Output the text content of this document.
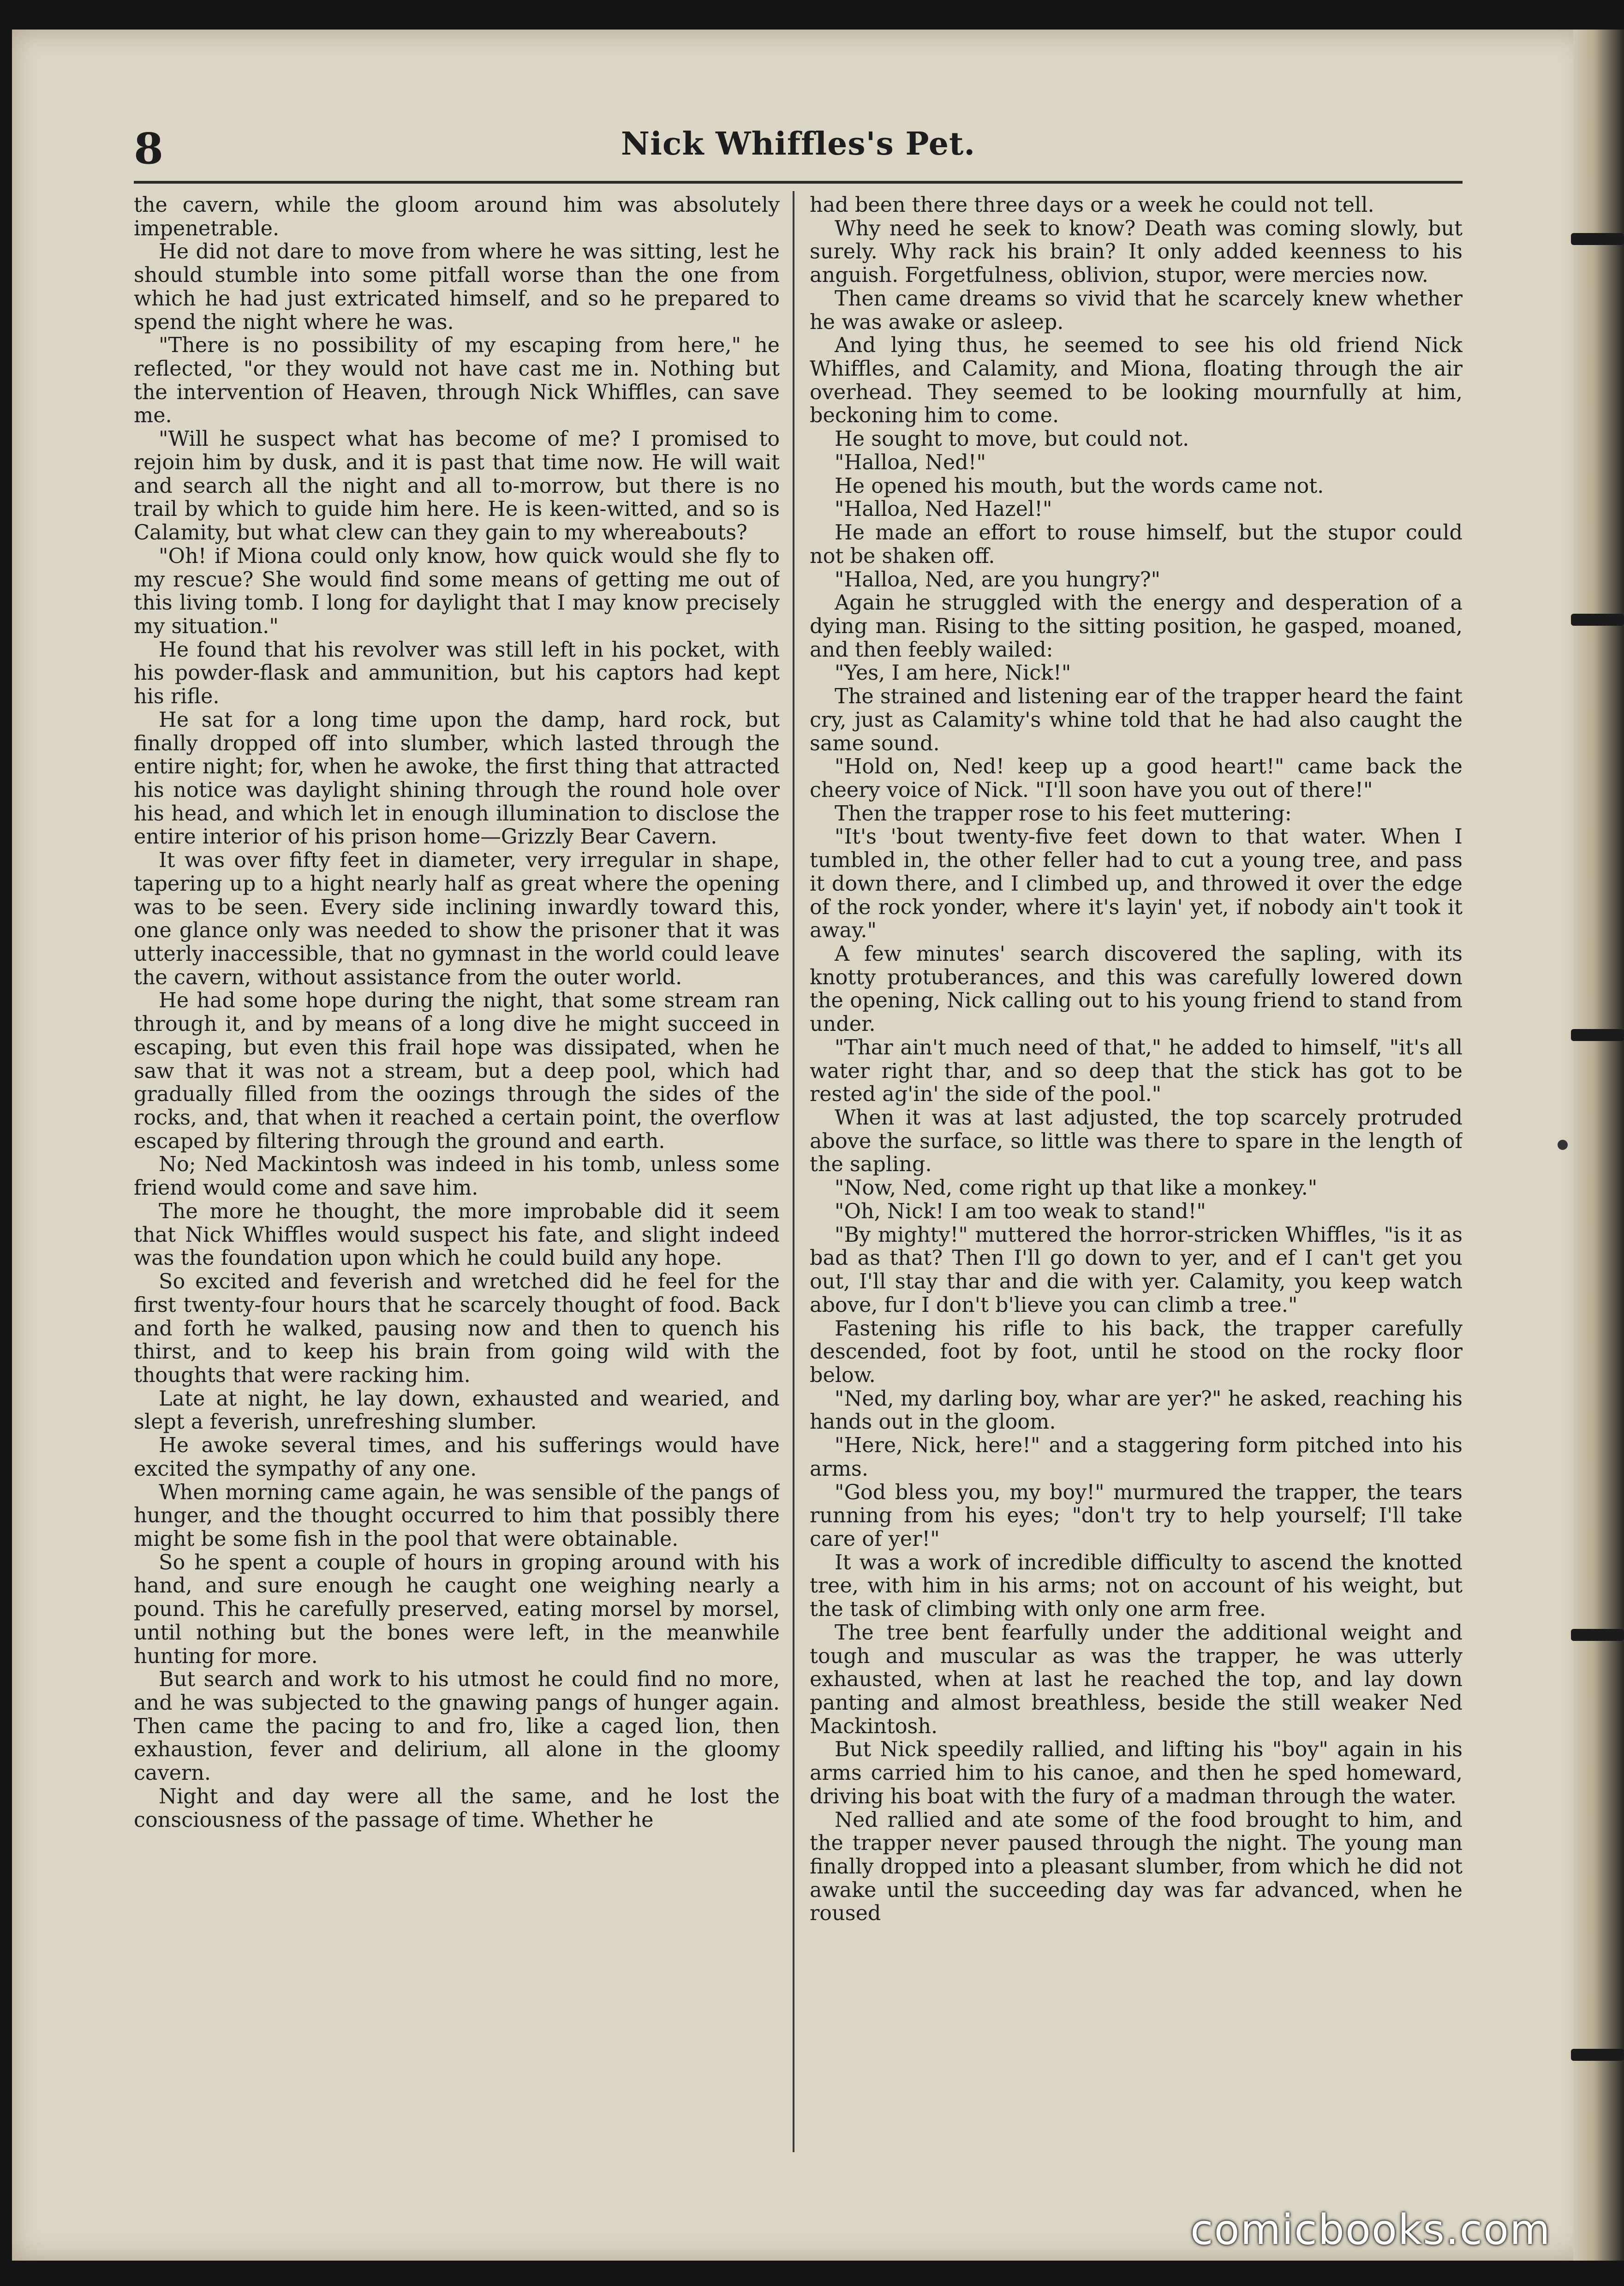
8	Nick Whiffles's Pet.

the cavern, while the gloom around him was absolutely impenetrable.

He did not dare to move from where he was sitting, lest he should stumble into some pitfall worse than the one from which he had just extricated himself, and so he prepared to spend the night where he was.

"There is no possibility of my escaping from here," he reflected, "or they would not have cast me in. Nothing but the intervention of Heaven, through Nick Whiffles, can save me.

"Will he suspect what has become of me? I promised to rejoin him by dusk, and it is past that time now. He will wait and search all the night and all to-morrow, but there is no trail by which to guide him here. He is keen-witted, and so is Calamity, but what clew can they gain to my whereabouts?

"Oh! if Miona could only know, how quick would she fly to my rescue? She would find some means of getting me out of this living tomb. I long for daylight that I may know precisely my situation."

He found that his revolver was still left in his pocket, with his powder-flask and ammunition, but his captors had kept his rifle.

He sat for a long time upon the damp, hard rock, but finally dropped off into slumber, which lasted through the entire night; for, when he awoke, the first thing that attracted his notice was daylight shining through the round hole over his head, and which let in enough illumination to disclose the entire interior of his prison home—Grizzly Bear Cavern.

It was over fifty feet in diameter, very irregular in shape, tapering up to a hight nearly half as great where the opening was to be seen. Every side inclining inwardly toward this, one glance only was needed to show the prisoner that it was utterly inaccessible, that no gymnast in the world could leave the cavern, without assistance from the outer world.

He had some hope during the night, that some stream ran through it, and by means of a long dive he might succeed in escaping, but even this frail hope was dissipated, when he saw that it was not a stream, but a deep pool, which had gradually filled from the oozings through the sides of the rocks, and, that when it reached a certain point, the overflow escaped by filtering through the ground and earth.

No; Ned Mackintosh was indeed in his tomb, unless some friend would come and save him.

The more he thought, the more improbable did it seem that Nick Whiffles would suspect his fate, and slight indeed was the foundation upon which he could build any hope.

So excited and feverish and wretched did he feel for the first twenty-four hours that he scarcely thought of food. Back and forth he walked, pausing now and then to quench his thirst, and to keep his brain from going wild with the thoughts that were racking him.

Late at night, he lay down, exhausted and wearied, and slept a feverish, unrefreshing slumber.

He awoke several times, and his sufferings would have excited the sympathy of any one.

When morning came again, he was sensible of the pangs of hunger, and the thought occurred to him that possibly there might be some fish in the pool that were obtainable.

So he spent a couple of hours in groping around with his hand, and sure enough he caught one weighing nearly a pound. This he carefully preserved, eating morsel by morsel, until nothing but the bones were left, in the meanwhile hunting for more.

But search and work to his utmost he could find no more, and he was subjected to the gnawing pangs of hunger again. Then came the pacing to and fro, like a caged lion, then exhaustion, fever and delirium, all alone in the gloomy cavern.

Night and day were all the same, and he lost the consciousness of the passage of time. Whether he

had been there three days or a week he could not tell.

Why need he seek to know? Death was coming slowly, but surely. Why rack his brain? It only added keenness to his anguish. Forgetfulness, oblivion, stupor, were mercies now.

Then came dreams so vivid that he scarcely knew whether he was awake or asleep.

And lying thus, he seemed to see his old friend Nick Whiffles, and Calamity, and Miona, floating through the air overhead. They seemed to be looking mournfully at him, beckoning him to come.

He sought to move, but could not.

"Halloa, Ned!"

He opened his mouth, but the words came not.

"Halloa, Ned Hazel!"

He made an effort to rouse himself, but the stupor could not be shaken off.

"Halloa, Ned, are you hungry?"

Again he struggled with the energy and desperation of a dying man. Rising to the sitting position, he gasped, moaned, and then feebly wailed:

"Yes, I am here, Nick!"

The strained and listening ear of the trapper heard the faint cry, just as Calamity's whine told that he had also caught the same sound.

"Hold on, Ned! keep up a good heart!" came back the cheery voice of Nick. "I'll soon have you out of there!"

Then the trapper rose to his feet muttering:

"It's 'bout twenty-five feet down to that water. When I tumbled in, the other feller had to cut a young tree, and pass it down there, and I climbed up, and throwed it over the edge of the rock yonder, where it's layin' yet, if nobody ain't took it away."

A few minutes' search discovered the sapling, with its knotty protuberances, and this was carefully lowered down the opening, Nick calling out to his young friend to stand from under.

"Thar ain't much need of that," he added to himself, "it's all water right thar, and so deep that the stick has got to be rested ag'in' the side of the pool."

When it was at last adjusted, the top scarcely protruded above the surface, so little was there to spare in the length of the sapling.

"Now, Ned, come right up that like a monkey."

"Oh, Nick! I am too weak to stand!"

"By mighty!" muttered the horror-stricken Whiffles, "is it as bad as that? Then I'll go down to yer, and ef I can't get you out, I'll stay thar and die with yer. Calamity, you keep watch above, fur I don't b'lieve you can climb a tree."

Fastening his rifle to his back, the trapper carefully descended, foot by foot, until he stood on the rocky floor below.

"Ned, my darling boy, whar are yer?" he asked, reaching his hands out in the gloom.

"Here, Nick, here!" and a staggering form pitched into his arms.

"God bless you, my boy!" murmured the trapper, the tears running from his eyes; "don't try to help yourself; I'll take care of yer!"

It was a work of incredible difficulty to ascend the knotted tree, with him in his arms; not on account of his weight, but the task of climbing with only one arm free.

The tree bent fearfully under the additional weight and tough and muscular as was the trapper, he was utterly exhausted, when at last he reached the top, and lay down panting and almost breathless, beside the still weaker Ned Mackintosh.

But Nick speedily rallied, and lifting his "boy" again in his arms carried him to his canoe, and then he sped homeward, driving his boat with the fury of a madman through the water.

Ned rallied and ate some of the food brought to him, and the trapper never paused through the night. The young man finally dropped into a pleasant slumber, from which he did not awake until the succeeding day was far advanced, when he roused

comicbooks.com
